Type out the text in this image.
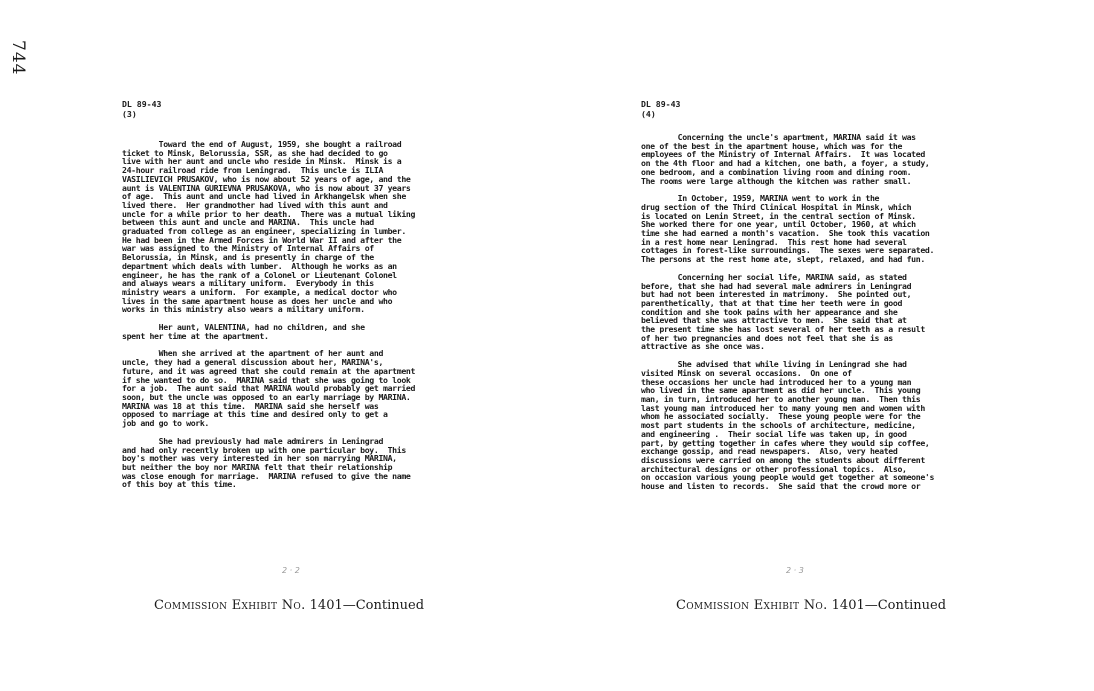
744
DL 89-43
(3)
Toward the end of August, 1959, she bought a railroad
ticket to Minsk, Belorussia, SSR, as she had decided to go
live with her aunt and uncle who reside in Minsk.  Minsk is a
24-hour railroad ride from Leningrad.  This uncle is ILIA
VASILIEVICH PRUSAKOV, who is now about 52 years of age, and the
aunt is VALENTINA GURIEVNA PRUSAKOVA, who is now about 37 years
of age.  This aunt and uncle had lived in Arkhangelsk when she
lived there.  Her grandmother had lived with this aunt and
uncle for a while prior to her death.  There was a mutual liking
between this aunt and uncle and MARINA.  This uncle had
graduated from college as an engineer, specializing in lumber.
He had been in the Armed Forces in World War II and after the
war was assigned to the Ministry of Internal Affairs of
Belorussia, in Minsk, and is presently in charge of the
department which deals with lumber.  Although he works as an
engineer, he has the rank of a Colonel or Lieutenant Colonel
and always wears a military uniform.  Everybody in this
ministry wears a uniform.  For example, a medical doctor who
lives in the same apartment house as does her uncle and who
works in this ministry also wears a military uniform.
Her aunt, VALENTINA, had no children, and she
spent her time at the apartment.
When she arrived at the apartment of her aunt and
uncle, they had a general discussion about her, MARINA's,
future, and it was agreed that she could remain at the apartment
if she wanted to do so.  MARINA said that she was going to look
for a job.  The aunt said that MARINA would probably get married
soon, but the uncle was opposed to an early marriage by MARINA.
MARINA was 18 at this time.  MARINA said she herself was
opposed to marriage at this time and desired only to get a
job and go to work.
She had previously had male admirers in Leningrad
and had only recently broken up with one particular boy.  This
boy's mother was very interested in her son marrying MARINA,
but neither the boy nor MARINA felt that their relationship
was close enough for marriage.  MARINA refused to give the name
of this boy at this time.
2 · 2
Commission Exhibit No. 1401—Continued
DL 89-43
(4)
Concerning the uncle's apartment, MARINA said it was
one of the best in the apartment house, which was for the
employees of the Ministry of Internal Affairs.  It was located
on the 4th floor and had a kitchen, one bath, a foyer, a study,
one bedroom, and a combination living room and dining room.
The rooms were large although the kitchen was rather small.
In October, 1959, MARINA went to work in the
drug section of the Third Clinical Hospital in Minsk, which
is located on Lenin Street, in the central section of Minsk.
She worked there for one year, until October, 1960, at which
time she had earned a month's vacation.  She took this vacation
in a rest home near Leningrad.  This rest home had several
cottages in forest-like surroundings.  The sexes were separated.
The persons at the rest home ate, slept, relaxed, and had fun.
Concerning her social life, MARINA said, as stated
before, that she had had several male admirers in Leningrad
but had not been interested in matrimony.  She pointed out,
parenthetically, that at that time her teeth were in good
condition and she took pains with her appearance and she
believed that she was attractive to men.  She said that at
the present time she has lost several of her teeth as a result
of her two pregnancies and does not feel that she is as
attractive as she once was.
She advised that while living in Leningrad she had
visited Minsk on several occasions.  On one of
these occasions her uncle had introduced her to a young man
who lived in the same apartment as did her uncle.  This young
man, in turn, introduced her to another young man.  Then this
last young man introduced her to many young men and women with
whom he associated socially.  These young people were for the
most part students in the schools of architecture, medicine,
and engineering .  Their social life was taken up, in good
part, by getting together in cafes where they would sip coffee,
exchange gossip, and read newspapers.  Also, very heated
discussions were carried on among the students about different
architectural designs or other professional topics.  Also,
on occasion various young people would get together at someone's
house and listen to records.  She said that the crowd more or
2 · 3
Commission Exhibit No. 1401—Continued
